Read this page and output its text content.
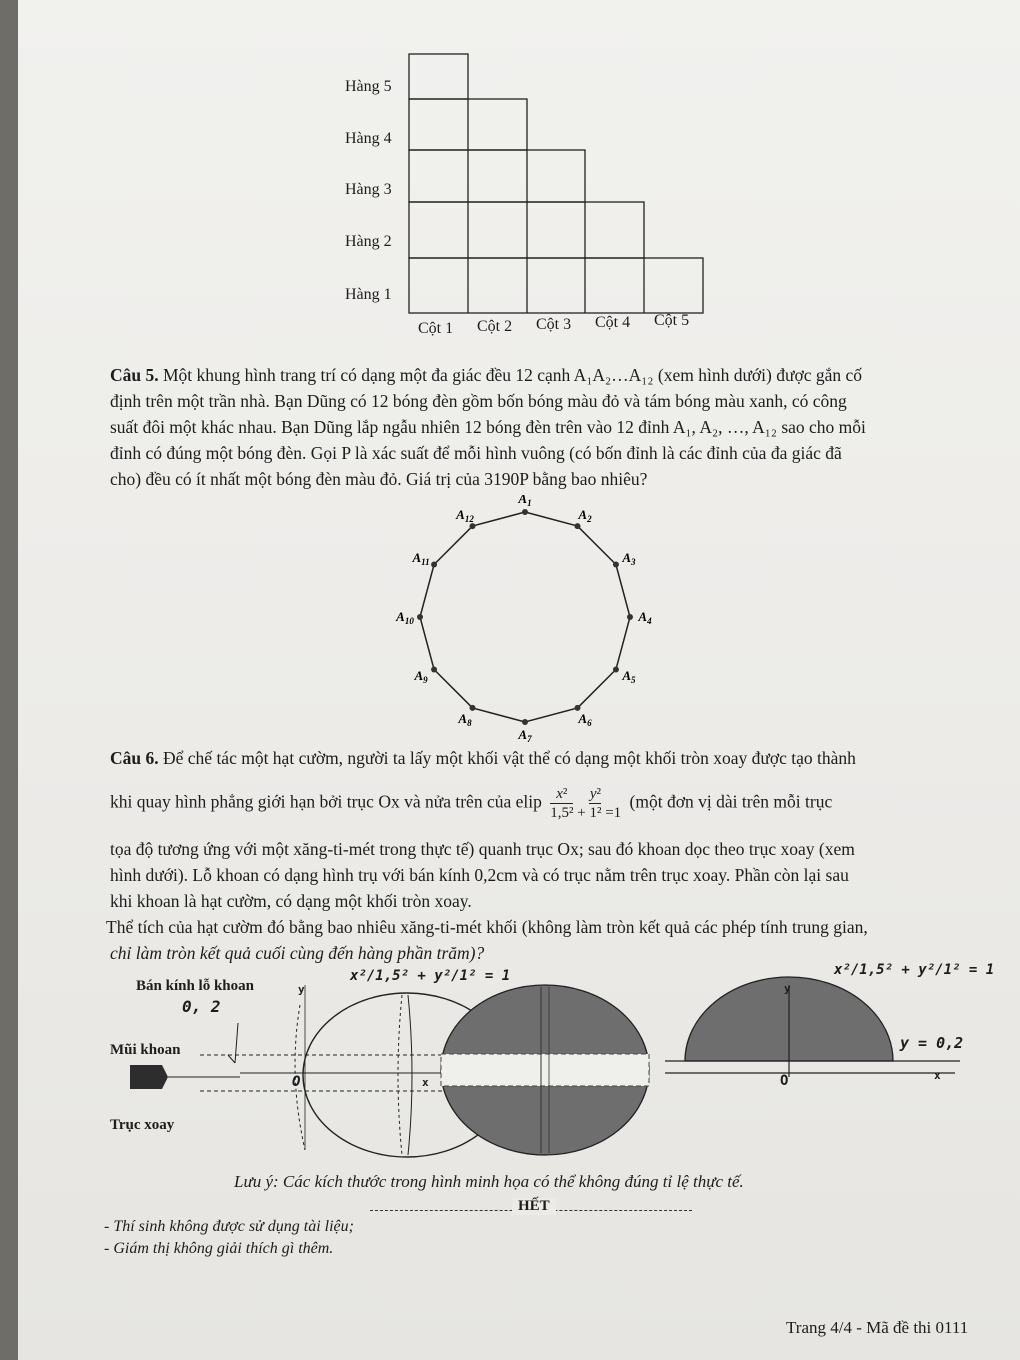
Hàng 5
Hàng 4
Hàng 3
Hàng 2
Hàng 1
Cột 1 Cột 2 Cột 3 Cột 4 Cột 5
Câu 5. Một khung hình trang trí có dạng một đa giác đều 12 cạnh A₁A₂…A₁₂ (xem hình dưới) được gắn cố
định trên một trần nhà. Bạn Dũng có 12 bóng đèn gồm bốn bóng màu đỏ và tám bóng màu xanh, có công
suất đôi một khác nhau. Bạn Dũng lắp ngẫu nhiên 12 bóng đèn trên vào 12 đỉnh A₁, A₂, …, A₁₂ sao cho mỗi
đỉnh có đúng một bóng đèn. Gọi P là xác suất để mỗi hình vuông (có bốn đỉnh là các đỉnh của đa giác đã
cho) đều có ít nhất một bóng đèn màu đỏ. Giá trị của 3190P bằng bao nhiêu?
$A_1$
$A_2$
$A_3$
$A_4$
$A_5$
$A_6$
$A_7$
$A_8$
$A_9$
$A_{10}$
$A_{11}$
$A_{12}$
Câu 6. Để chế tác một hạt cườm, người ta lấy một khối vật thể có dạng một khối tròn xoay được tạo thành
khi quay hình phẳng giới hạn bởi trục Ox và nửa trên của elip x²
1,5² + y²
1² =1 (một đơn vị dài trên mỗi trục
tọa độ tương ứng với một xăng-ti-mét trong thực tế) quanh trục Ox; sau đó khoan dọc theo trục xoay (xem
hình dưới). Lỗ khoan có dạng hình trụ với bán kính 0,2cm và có trục nằm trên trục xoay. Phần còn lại sau
khi khoan là hạt cườm, có dạng một khối tròn xoay.
Thể tích của hạt cườm đó bằng bao nhiêu xăng-ti-mét khối (không làm tròn kết quả các phép tính trung gian,
chỉ làm tròn kết quả cuối cùng đến hàng phần trăm)?
Bán kính lỗ khoan
0, 2
Mũi khoan
Trục xoay
O
y
x
x²/1,5² + y²/1² = 1	x²/1,5² + y²/1² = 1
y
y = 0,2
O	x
Lưu ý: Các kích thước trong hình minh họa có thể không đúng tỉ lệ thực tế.
HẾT
- Thí sinh không được sử dụng tài liệu;
- Giám thị không giải thích gì thêm.
Trang 4/4 - Mã đề thi 0111
